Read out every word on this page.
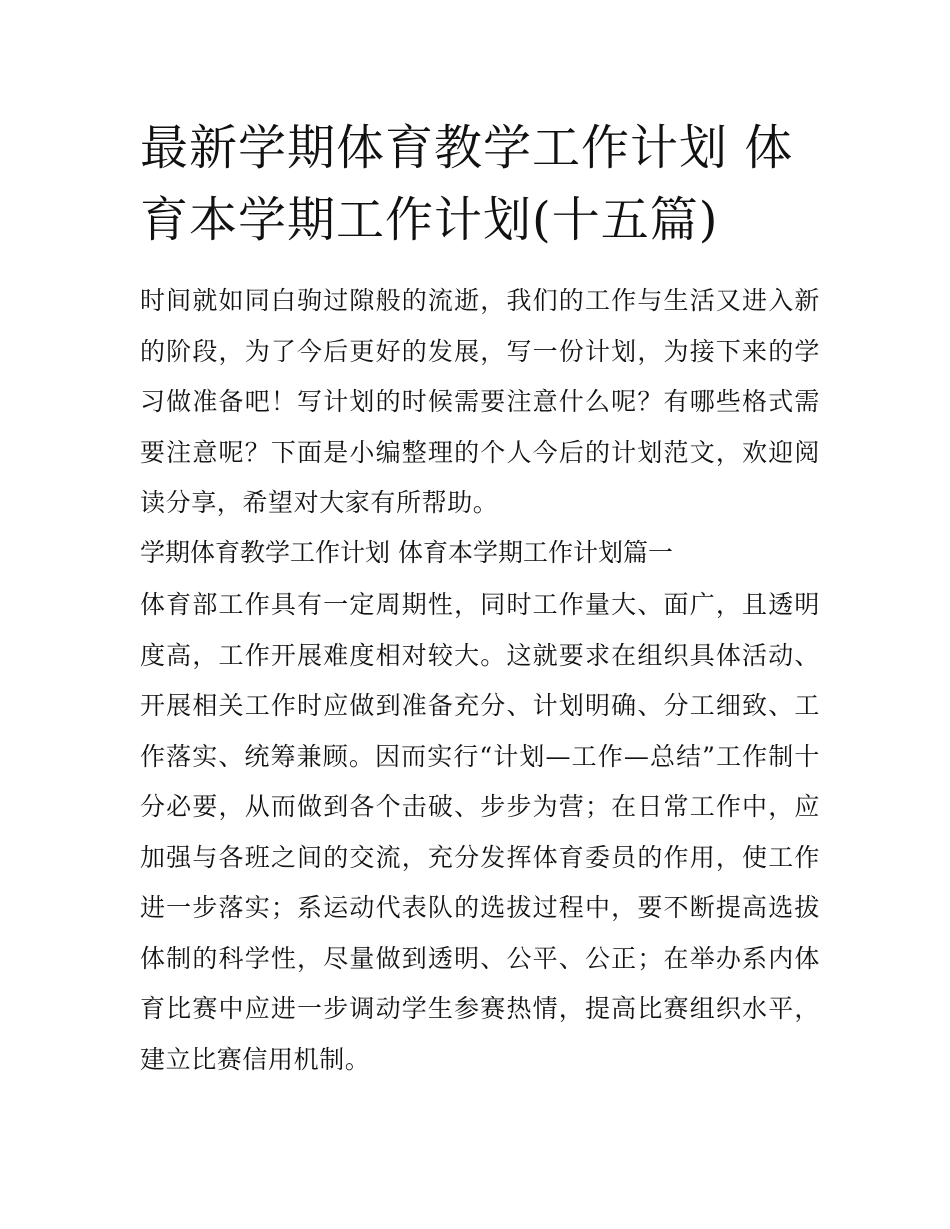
最新学期体育教学工作计划 体育本学期工作计划(十五篇)

时间就如同白驹过隙般的流逝，我们的工作与生活又进入新的阶段，为了今后更好的发展，写一份计划，为接下来的学习做准备吧！写计划的时候需要注意什么呢？有哪些格式需要注意呢？下面是小编整理的个人今后的计划范文，欢迎阅读分享，希望对大家有所帮助。

学期体育教学工作计划 体育本学期工作计划篇一

体育部工作具有一定周期性，同时工作量大、面广，且透明度高，工作开展难度相对较大。这就要求在组织具体活动、开展相关工作时应做到准备充分、计划明确、分工细致、工作落实、统筹兼顾。因而实行“计划—工作—总结”工作制十分必要，从而做到各个击破、步步为营；在日常工作中，应加强与各班之间的交流，充分发挥体育委员的作用，使工作进一步落实；系运动代表队的选拔过程中，要不断提高选拔体制的科学性，尽量做到透明、公平、公正；在举办系内体育比赛中应进一步调动学生参赛热情，提高比赛组织水平，建立比赛信用机制。
